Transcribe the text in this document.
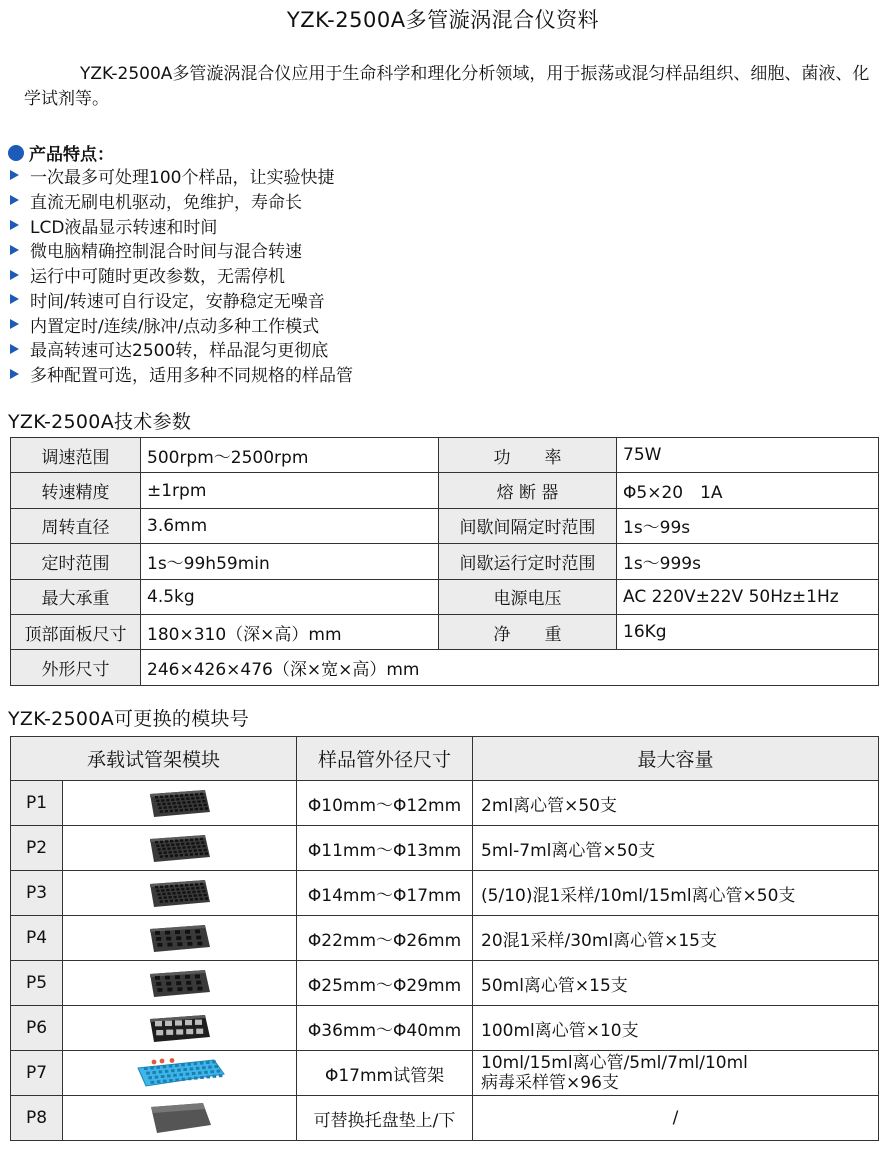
YZK-2500A多管漩涡混合仪资料
YZK-2500A多管漩涡混合仪应用于生命科学和理化分析领域，用于振荡或混匀样品组织、细胞、菌液、化学试剂等。
产品特点：
一次最多可处理100个样品，让实验快捷
直流无刷电机驱动，免维护，寿命长
LCD液晶显示转速和时间
微电脑精确控制混合时间与混合转速
运行中可随时更改参数，无需停机
时间/转速可自行设定，安静稳定无噪音
内置定时/连续/脉冲/点动多种工作模式
最高转速可达2500转，样品混匀更彻底
多种配置可选，适用多种不同规格的样品管
YZK-2500A技术参数
调速范围	500rpm～2500rpm	功　　率	75W
转速精度	±1rpm	熔 断 器	Φ5×20　1A
周转直径	3.6mm	间歇间隔定时范围	1s～99s
定时范围	1s～99h59min	间歇运行定时范围	1s～999s
最大承重	4.5kg	电源电压	AC 220V±22V 50Hz±1Hz
顶部面板尺寸	180×310（深×高）mm	净　　重	16Kg
外形尺寸	246×426×476（深×宽×高）mm		
YZK-2500A可更换的模块号
承载试管架模块		样品管外径尺寸	最大容量
P1		Φ10mm～Φ12mm	2ml离心管×50支
P2		Φ11mm～Φ13mm	5ml-7ml离心管×50支
P3		Φ14mm～Φ17mm	(5/10)混1采样/10ml/15ml离心管×50支
P4		Φ22mm～Φ26mm	20混1采样/30ml离心管×15支
P5		Φ25mm～Φ29mm	50ml离心管×15支
P6		Φ36mm～Φ40mm	100ml离心管×10支
P7		Φ17mm试管架	10ml/15ml离心管/5ml/7ml/10ml
病毒采样管×96支

P8		可替换托盘垫上/下	/
